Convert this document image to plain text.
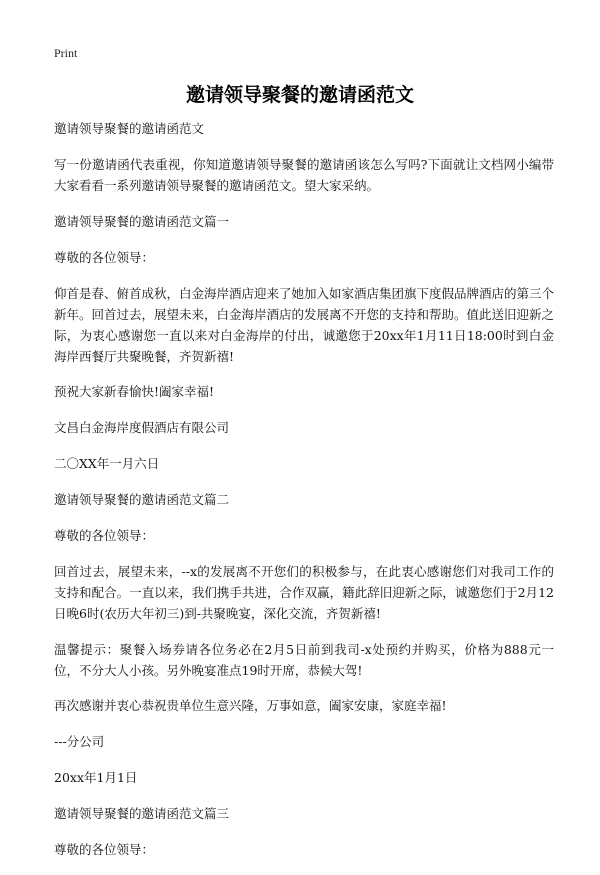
Print
邀请领导聚餐的邀请函范文

邀请领导聚餐的邀请函范文

写一份邀请函代表重视，你知道邀请领导聚餐的邀请函该怎么写吗?下面就让文档网小编带大家看看一系列邀请领导聚餐的邀请函范文。望大家采纳。

邀请领导聚餐的邀请函范文篇一

尊敬的各位领导：

仰首是春、俯首成秋，白金海岸酒店迎来了她加入如家酒店集团旗下度假品牌酒店的第三个新年。回首过去，展望未来，白金海岸酒店的发展离不开您的支持和帮助。值此送旧迎新之际，为衷心感谢您一直以来对白金海岸的付出，诚邀您于20xx年1月11日18:00时到白金海岸西餐厅共聚晚餐，齐贺新禧!

预祝大家新春愉快!阖家幸福!

文昌白金海岸度假酒店有限公司

二〇XX年一月六日

邀请领导聚餐的邀请函范文篇二

尊敬的各位领导：

回首过去，展望未来，--x的发展离不开您们的积极参与，在此衷心感谢您们对我司工作的支持和配合。一直以来，我们携手共进，合作双赢，籍此辞旧迎新之际，诚邀您们于2月12日晚6时(农历大年初三)到-共聚晚宴，深化交流，齐贺新禧!

温馨提示：聚餐入场券请各位务必在2月5日前到我司-x处预约并购买，价格为888元一位，不分大人小孩。另外晚宴准点19时开席，恭候大驾!

再次感谢并衷心恭祝贵单位生意兴隆，万事如意，阖家安康，家庭幸福!

---分公司

20xx年1月1日

邀请领导聚餐的邀请函范文篇三

尊敬的各位领导：
